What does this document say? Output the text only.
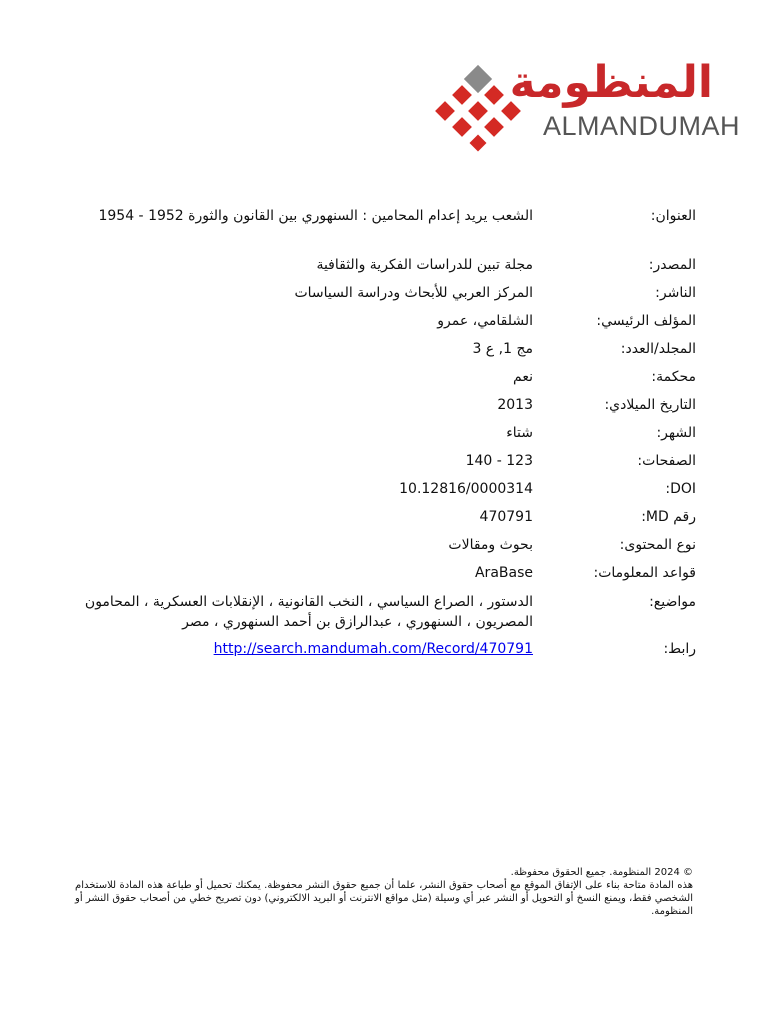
المنظومة
ALMANDUMAH
العنوان:
الشعب يريد إعدام المحامين : السنهوري بين القانون والثورة 1952 - 1954
المصدر:
مجلة تبين للدراسات الفكرية والثقافية
الناشر:
المركز العربي للأبحاث ودراسة السياسات
المؤلف الرئيسي:
الشلقامي، عمرو
المجلد/العدد:
مج 1, ع 3
محكمة:
نعم
التاريخ الميلادي:
2013
الشهر:
شتاء
الصفحات:
123 - 140
DOI:
10.12816/0000314
رقم MD:
470791
نوع المحتوى:
بحوث ومقالات
قواعد المعلومات:
AraBase
مواضيع:
الدستور ، الصراع السياسي ، النخب القانونية ، الإنقلابات العسكرية ، المحامون المصريون ، السنهوري ، عبدالرازق بن أحمد السنهوري ، مصر
رابط:
http://search.mandumah.com/Record/470791

© 2024 المنظومة. جميع الحقوق محفوظة.

هذه المادة متاحة بناء على الإتفاق الموقع مع أصحاب حقوق النشر، علما أن جميع حقوق النشر محفوظة. يمكنك تحميل أو طباعة هذه المادة للاستخدام الشخصي فقط، ويمنع النسخ أو التحويل أو النشر عبر أي وسيلة (مثل مواقع الانترنت أو البريد الالكتروني) دون تصريح خطي من أصحاب حقوق النشر أو المنظومة.
